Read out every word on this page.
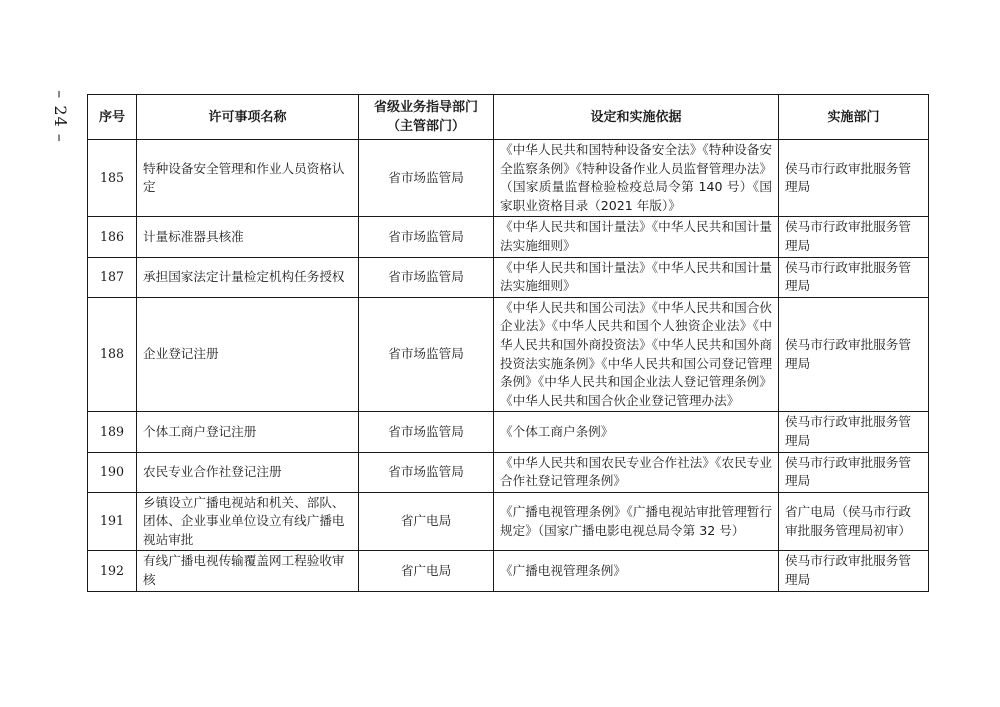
– 24 – 序号	许可事项名称	省级业务指导部门（主管部门）	设定和实施依据	实施部门
185	特种设备安全管理和作业人员资格认定	省市场监管局	《中华人民共和国特种设备安全法》《特种设备安全监察条例》《特种设备作业人员监督管理办法》（国家质量监督检验检疫总局令第 140 号）《国家职业资格目录（2021 年版）》	侯马市行政审批服务管理局
186	计量标准器具核准	省市场监管局	《中华人民共和国计量法》《中华人民共和国计量法实施细则》	侯马市行政审批服务管理局
187	承担国家法定计量检定机构任务授权	省市场监管局	《中华人民共和国计量法》《中华人民共和国计量法实施细则》	侯马市行政审批服务管理局
188	企业登记注册	省市场监管局	《中华人民共和国公司法》《中华人民共和国合伙企业法》《中华人民共和国个人独资企业法》《中华人民共和国外商投资法》《中华人民共和国外商投资法实施条例》《中华人民共和国公司登记管理条例》《中华人民共和国企业法人登记管理条例》《中华人民共和国合伙企业登记管理办法》	侯马市行政审批服务管理局
189	个体工商户登记注册	省市场监管局	《个体工商户条例》	侯马市行政审批服务管理局
190	农民专业合作社登记注册	省市场监管局	《中华人民共和国农民专业合作社法》《农民专业合作社登记管理条例》	侯马市行政审批服务管理局
191	乡镇设立广播电视站和机关、部队、团体、企业事业单位设立有线广播电视站审批	省广电局	《广播电视管理条例》《广播电视站审批管理暂行规定》（国家广播电影电视总局令第 32 号）	省广电局（侯马市行政审批服务管理局初审）
192	有线广播电视传输覆盖网工程验收审核	省广电局	《广播电视管理条例》	侯马市行政审批服务管理局
